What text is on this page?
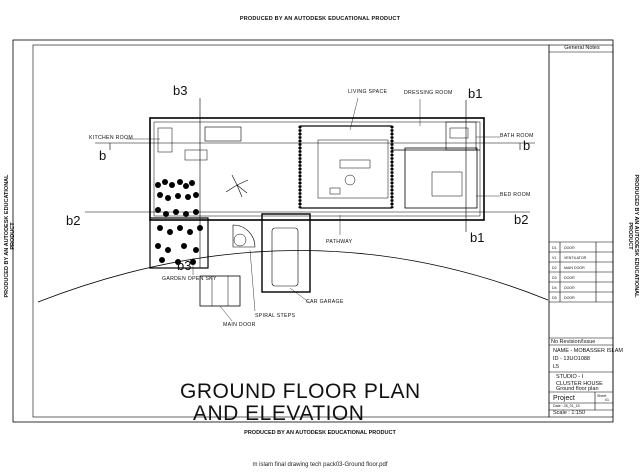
PRODUCED BY AN AUTODESK EDUCATIONAL PRODUCT
PRODUCED BY AN AUTODESK EDUCATIONAL PRODUCT
PRODUCED BY AN AUTODESK EDUCATIONAL PRODUCT	PRODUCED BY AN AUTODESK EDUCATIONAL PRODUCT
m islam final drawing tech pack03-Ground floor.pdf
LIVING SPACE	DRESSING ROOM
KITCHEN ROOM	BATH ROOM
BED ROOM
PATHWAY
GARDEN OPEN SKY
CAR GARAGE
SPIRAL STEPS
MAIN DOOR
b3	b1
b
b
b2	b2
b1
b3
GROUND FLOOR PLAN
AND ELEVATION
General Notes
D1 DOOR
V1 VENTILATOR
D2 MAIN DOOR
D3 DOOR
D4 DOOR
D5 DOOR
No Revision/Issue
NAME - MOBASSER ISLAM
ID - 13UO1088
L5
STUDIO - I
CLUSTER HOUSE
Ground floor plan
Project	Sheet
01
Date : 28_01_15
Scale : 1:150
